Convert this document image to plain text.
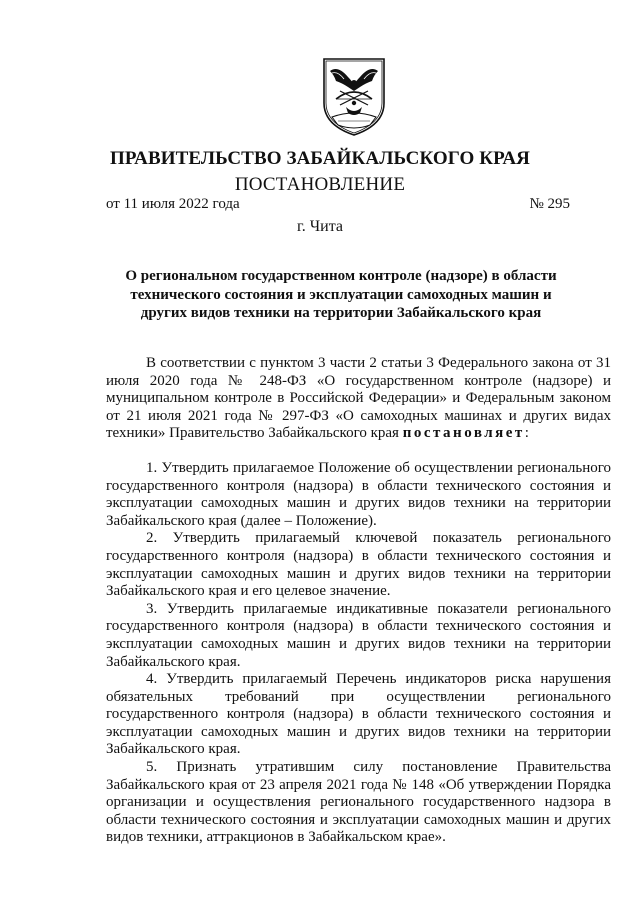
ПРАВИТЕЛЬСТВО ЗАБАЙКАЛЬСКОГО КРАЯ
ПОСТАНОВЛЕНИЕ
от 11 июля 2022 года	№ 295
г. Чита
О региональном государственном контроле (надзоре) в области технического состояния и эксплуатации самоходных машин и других видов техники на территории Забайкальского края

В соответствии с пунктом 3 части 2 статьи 3 Федерального закона от 31 июля 2020 года № 248-ФЗ «О государственном контроле (надзоре) и муниципальном контроле в Российской Федерации» и Федеральным законом от 21 июля 2021 года № 297-ФЗ «О самоходных машинах и других видах техники» Правительство Забайкальского края постановляет:

1. Утвердить прилагаемое Положение об осуществлении регионального государственного контроля (надзора) в области технического состояния и эксплуатации самоходных машин и других видов техники на территории Забайкальского края (далее – Положение).

2. Утвердить прилагаемый ключевой показатель регионального государственного контроля (надзора) в области технического состояния и эксплуатации самоходных машин и других видов техники на территории Забайкальского края и его целевое значение.

3. Утвердить прилагаемые индикативные показатели регионального государственного контроля (надзора) в области технического состояния и эксплуатации самоходных машин и других видов техники на территории Забайкальского края.

4. Утвердить прилагаемый Перечень индикаторов риска нарушения обязательных требований при осуществлении регионального государственного контроля (надзора) в области технического состояния и эксплуатации самоходных машин и других видов техники на территории Забайкальского края.

5. Признать утратившим силу постановление Правительства Забайкальского края от 23 апреля 2021 года № 148 «Об утверждении Порядка организации и осуществления регионального государственного надзора в области технического состояния и эксплуатации самоходных машин и других видов техники, аттракционов в Забайкальском крае».
